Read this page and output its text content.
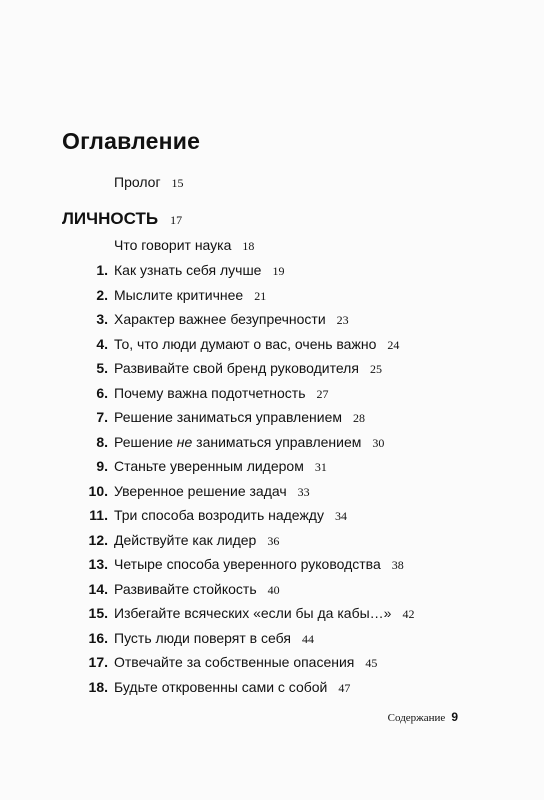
Оглавление
Пролог 15
ЛИЧНОСТЬ 17
Что говорит наука 18
1. Как узнать себя лучше 19
2. Мыслите критичнее 21
3. Характер важнее безупречности 23
4. То, что люди думают о вас, очень важно 24
5. Развивайте свой бренд руководителя 25
6. Почему важна подотчетность 27
7. Решение заниматься управлением 28
8. Решение не заниматься управлением 30
9. Станьте уверенным лидером 31
10. Уверенное решение задач 33
11. Три способа возродить надежду 34
12. Действуйте как лидер 36
13. Четыре способа уверенного руководства 38
14. Развивайте стойкость 40
15. Избегайте всяческих «если бы да кабы…» 42
16. Пусть люди поверят в себя 44
17. Отвечайте за собственные опасения 45
18. Будьте откровенны сами с собой 47
Содержание 9
